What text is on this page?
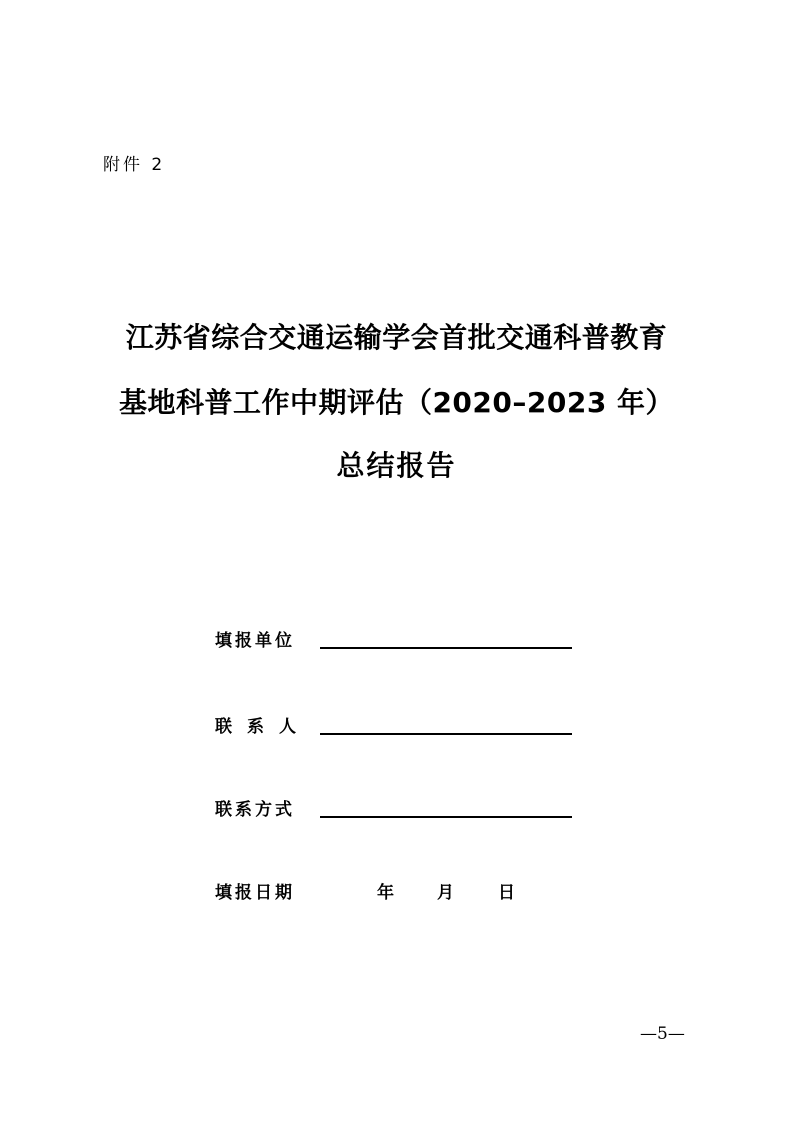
附件 2
江苏省综合交通运输学会首批交通科普教育
基地科普工作中期评估（2020–2023 年）
总结报告
填报单位
联系人
联系方式
填报日期	年	月	日
—5—
